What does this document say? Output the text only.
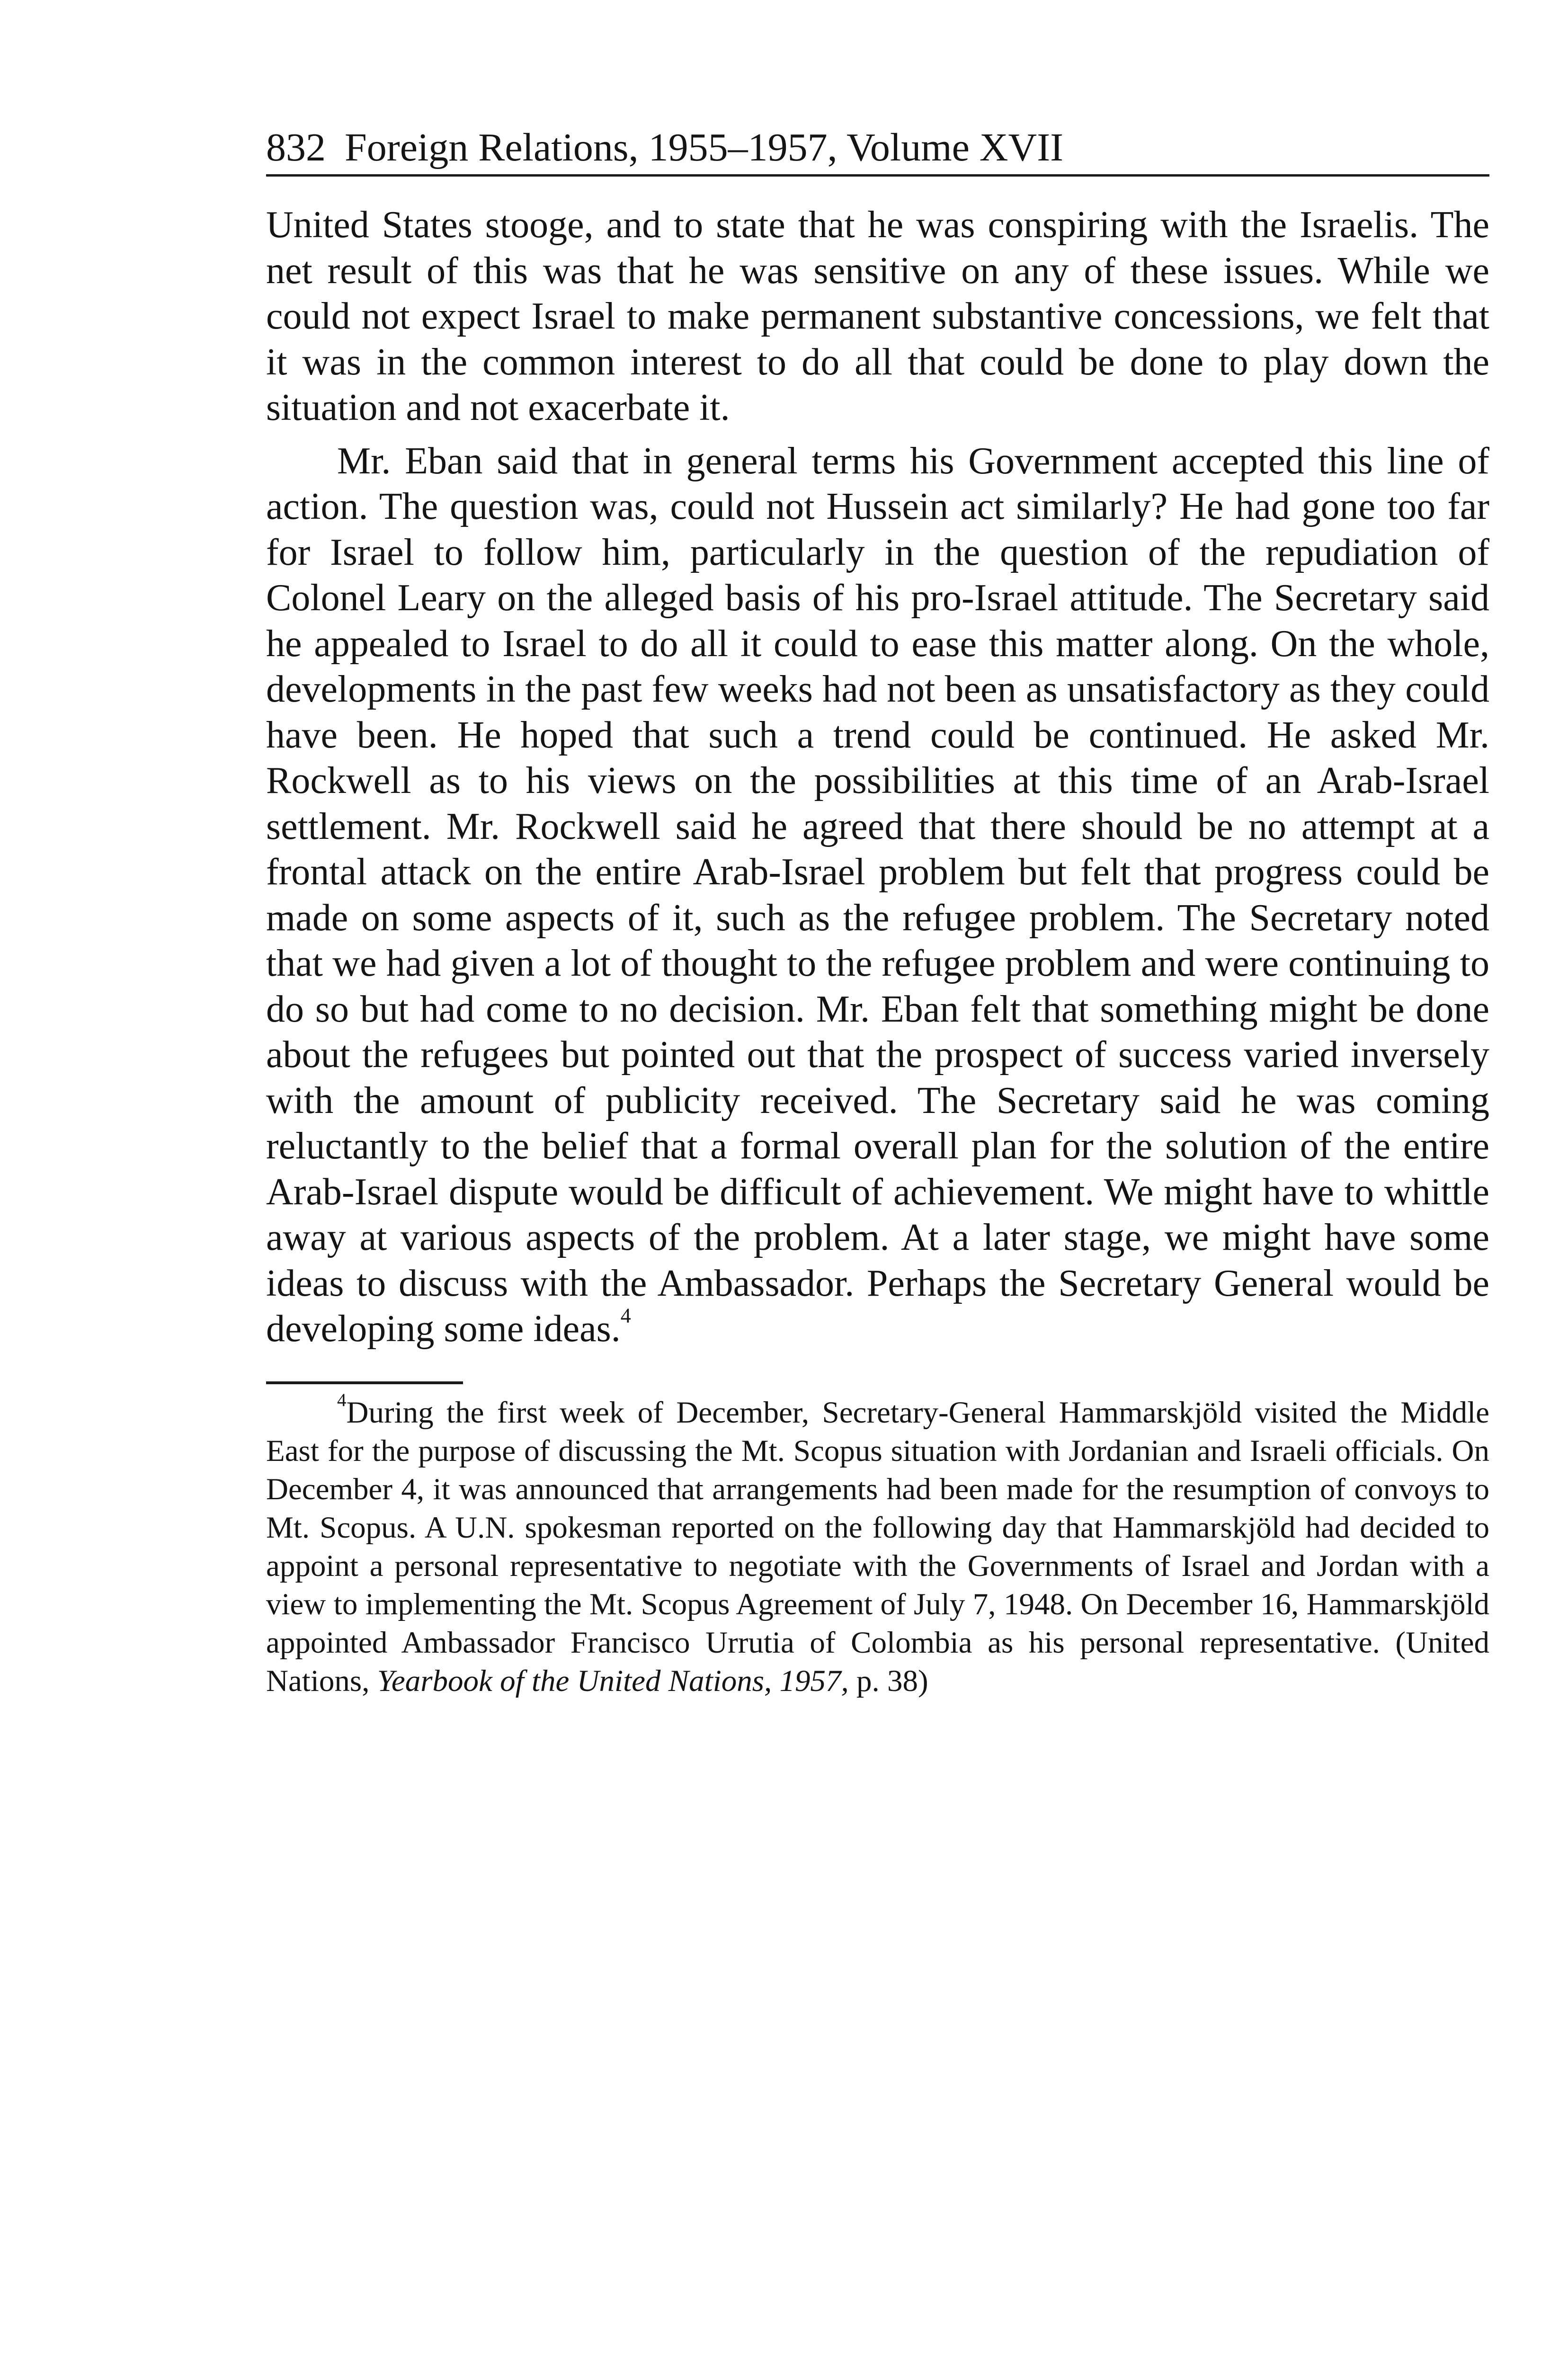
832 Foreign Relations, 1955–1957, Volume XVII

United States stooge, and to state that he was conspiring with the Israelis. The net result of this was that he was sensitive on any of these issues. While we could not expect Israel to make permanent substantive concessions, we felt that it was in the common interest to do all that could be done to play down the situation and not exacerbate it.

Mr. Eban said that in general terms his Government accepted this line of action. The question was, could not Hussein act similarly? He had gone too far for Israel to follow him, particularly in the question of the repudiation of Colonel Leary on the alleged basis of his pro-Israel attitude. The Secretary said he appealed to Israel to do all it could to ease this matter along. On the whole, developments in the past few weeks had not been as unsatisfactory as they could have been. He hoped that such a trend could be continued. He asked Mr. Rockwell as to his views on the possibilities at this time of an Arab-Israel settlement. Mr. Rockwell said he agreed that there should be no attempt at a frontal attack on the entire Arab-Israel problem but felt that progress could be made on some aspects of it, such as the refugee problem. The Secretary noted that we had given a lot of thought to the refugee problem and were continuing to do so but had come to no decision. Mr. Eban felt that something might be done about the refugees but pointed out that the prospect of success varied inversely with the amount of publicity received. The Secretary said he was coming reluctantly to the belief that a formal overall plan for the solution of the entire Arab-Israel dispute would be difficult of achievement. We might have to whittle away at various aspects of the problem. At a later stage, we might have some ideas to discuss with the Ambassador. Perhaps the Secretary General would be developing some ideas.$^4$

$^4$During the first week of December, Secretary-General Hammarskjöld visited the Middle East for the purpose of discussing the Mt. Scopus situation with Jordanian and Israeli officials. On December 4, it was announced that arrangements had been made for the resumption of convoys to Mt. Scopus. A U.N. spokesman reported on the following day that Hammarskjöld had decided to appoint a personal representative to negotiate with the Governments of Israel and Jordan with a view to implementing the Mt. Scopus Agreement of July 7, 1948. On December 16, Hammarskjöld appointed Ambassador Francisco Urrutia of Colombia as his personal representative. (United Nations, Yearbook of the United Nations, 1957, p. 38)
